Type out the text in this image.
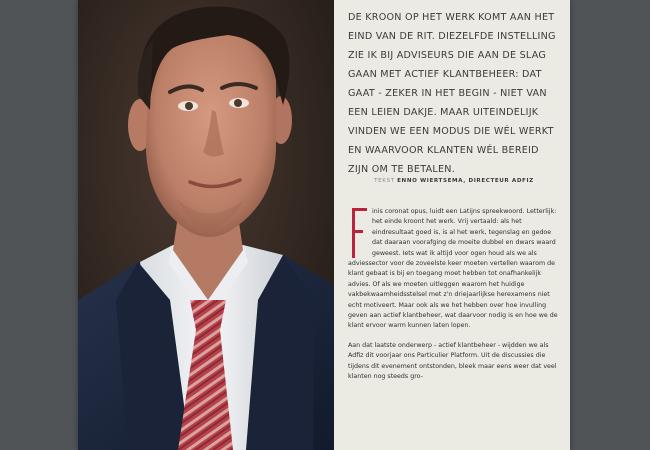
DE KROON OP HET WERK KOMT AAN HET EIND VAN DE RIT. DIEZELFDE INSTELLING ZIE IK BIJ ADVISEURS DIE AAN DE SLAG GAAN MET ACTIEF KLANTBEHEER: DAT GAAT - ZEKER IN HET BEGIN - NIET VAN EEN LEIEN DAKJE. MAAR UITEINDELIJK VINDEN WE EEN MODUS DIE WÉL WERKT EN WAARVOOR KLANTEN WÉL BEREID ZIJN OM TE BETALEN.

TEKST ENNO WIERTSEMA, DIRECTEUR ADFIZ

inis coronat opus, luidt een Latijns spreekwoord. Letterlijk: het einde kroont het werk. Vrij vertaald: als het eindresultaat goed is, is al het werk, tegenslag en gedoe dat daaraan voorafging de moeite dubbel en dwars waard geweest. Iets wat ik altijd voor ogen houd als we als adviessector voor de zoveelste keer moeten vertellen waarom de klant gebaat is bij en toegang moet hebben tot onafhankelijk advies. Of als we moeten uitleggen waarom het huidige vakbekwaamheidsstelsel met z'n driejaarlijkse herexamens niet echt motiveert. Maar ook als we het hebben over hoe invulling geven aan actief klantbeheer, wat daarvoor nodig is en hoe we de klant ervoor warm kunnen laten lopen.

Aan dat laatste onderwerp - actief klantbeheer - wijdden we als Adfiz dit voorjaar ons Particulier Platform. Uit de discussies die tijdens dit evenement ontstonden, bleek maar eens weer dat veel klanten nog steeds gro-
